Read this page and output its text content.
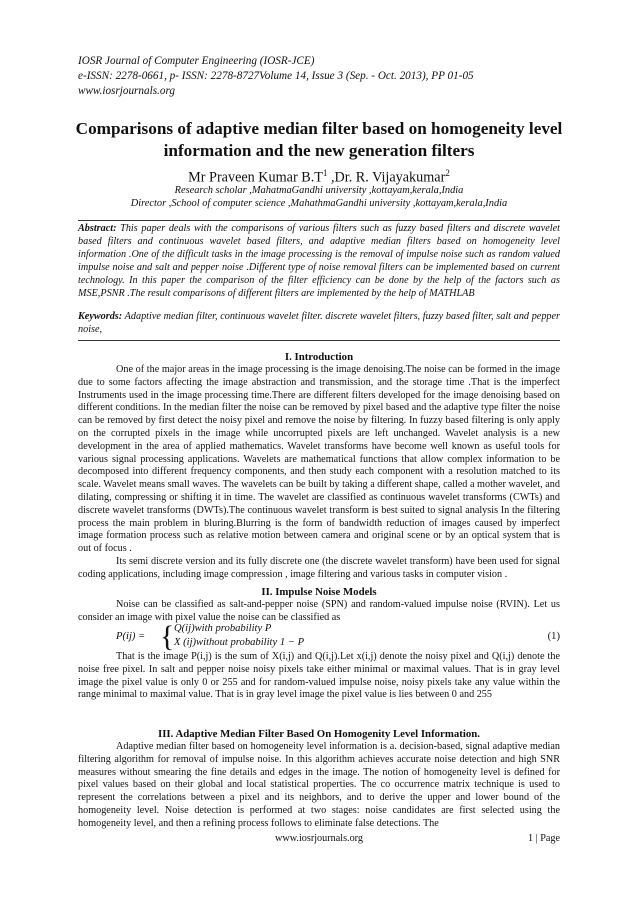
IOSR Journal of Computer Engineering (IOSR-JCE)
e-ISSN: 2278-0661, p- ISSN: 2278-8727Volume 14, Issue 3 (Sep. - Oct. 2013), PP 01-05
www.iosrjournals.org
Comparisons of adaptive median filter based on homogeneity level information and the new generation filters
Mr Praveen Kumar $B.T^1$ ,Dr. R. Vijayakumar$^2$
Research scholar ,MahatmaGandhi university ,kottayam,kerala,India
Director ,School of computer science ,MahathmaGandhi university ,kottayam,kerala,India
Abstract: This paper deals with the comparisons of various filters such as fuzzy based filters and discrete wavelet based filters and continuous wavelet based filters, and adaptive median filters based on homogeneity level information .One of the difficult tasks in the image processing is the removal of impulse noise such as random valued impulse noise and salt and pepper noise .Different type of noise removal filters can be implemented based on current technology. In this paper the comparison of the filter efficiency can be done by the help of the factors such as MSE,PSNR .The result comparisons of different filters are implemented by the help of MATHLAB
Keywords: Adaptive median filter, continuous wavelet filter. discrete wavelet filters, fuzzy based filter, salt and pepper noise,
I. Introduction

One of the major areas in the image processing is the image denoising.The noise can be formed in the image due to some factors affecting the image abstraction and transmission, and the storage time .That is the imperfect Instruments used in the image processing time.There are different filters developed for the image denoising based on different conditions. In the median filter the noise can be removed by pixel based and the adaptive type filter the noise can be removed by first detect the noisy pixel and remove the noise by filtering. In fuzzy based filtering is only apply on the corrupted pixels in the image while uncorrupted pixels are left unchanged. Wavelet analysis is a new development in the area of applied mathematics. Wavelet transforms have become well known as useful tools for various signal processing applications. Wavelets are mathematical functions that allow complex information to be decomposed into different frequency components, and then study each component with a resolution matched to its scale. Wavelet means small waves. The wavelets can be built by taking a different shape, called a mother wavelet, and dilating, compressing or shifting it in time. The wavelet are classified as continuous wavelet transforms (CWTs) and discrete wavelet transforms (DWTs).The continuous wavelet transform is best suited to signal analysis In the filtering process the main problem in bluring.Blurring is the form of bandwidth reduction of images caused by imperfect image formation process such as relative motion between camera and original scene or by an optical system that is out of focus .

Its semi discrete version and its fully discrete one (the discrete wavelet transform) have been used for signal coding applications, including image compression , image filtering and various tasks in computer vision .

II. Impulse Noise Models

Noise can be classified as salt-and-pepper noise (SPN) and random-valued impulse noise (RVIN). Let us consider an image with pixel value the noise can be classified as

P(ij) = { Q(ij)with probability P
X (ij)without probability 1 − P
(1)

That is the image P(i,j) is the sum of X(i,j) and Q(i,j).Let x(i,j) denote the noisy pixel and Q(i,j) denote the noise free pixel. In salt and pepper noise noisy pixels take either minimal or maximal values. That is in gray level image the pixel value is only 0 or 255 and for random-valued impulse noise, noisy pixels take any value within the range minimal to maximal value. That is in gray level image the pixel value is lies between 0 and 255

III. Adaptive Median Filter Based On Homogenity Level Information.

Adaptive median filter based on homogeneity level information is a. decision-based, signal adaptive median filtering algorithm for removal of impulse noise. In this algorithm achieves accurate noise detection and high SNR measures without smearing the fine details and edges in the image. The notion of homogeneity level is defined for pixel values based on their global and local statistical properties. The co occurrence matrix technique is used to represent the correlations between a pixel and its neighbors, and to derive the upper and lower bound of the homogeneity level. Noise detection is performed at two stages: noise candidates are first selected using the homogeneity level, and then a refining process follows to eliminate false detections. The

www.iosrjournals.org	1 | Page
